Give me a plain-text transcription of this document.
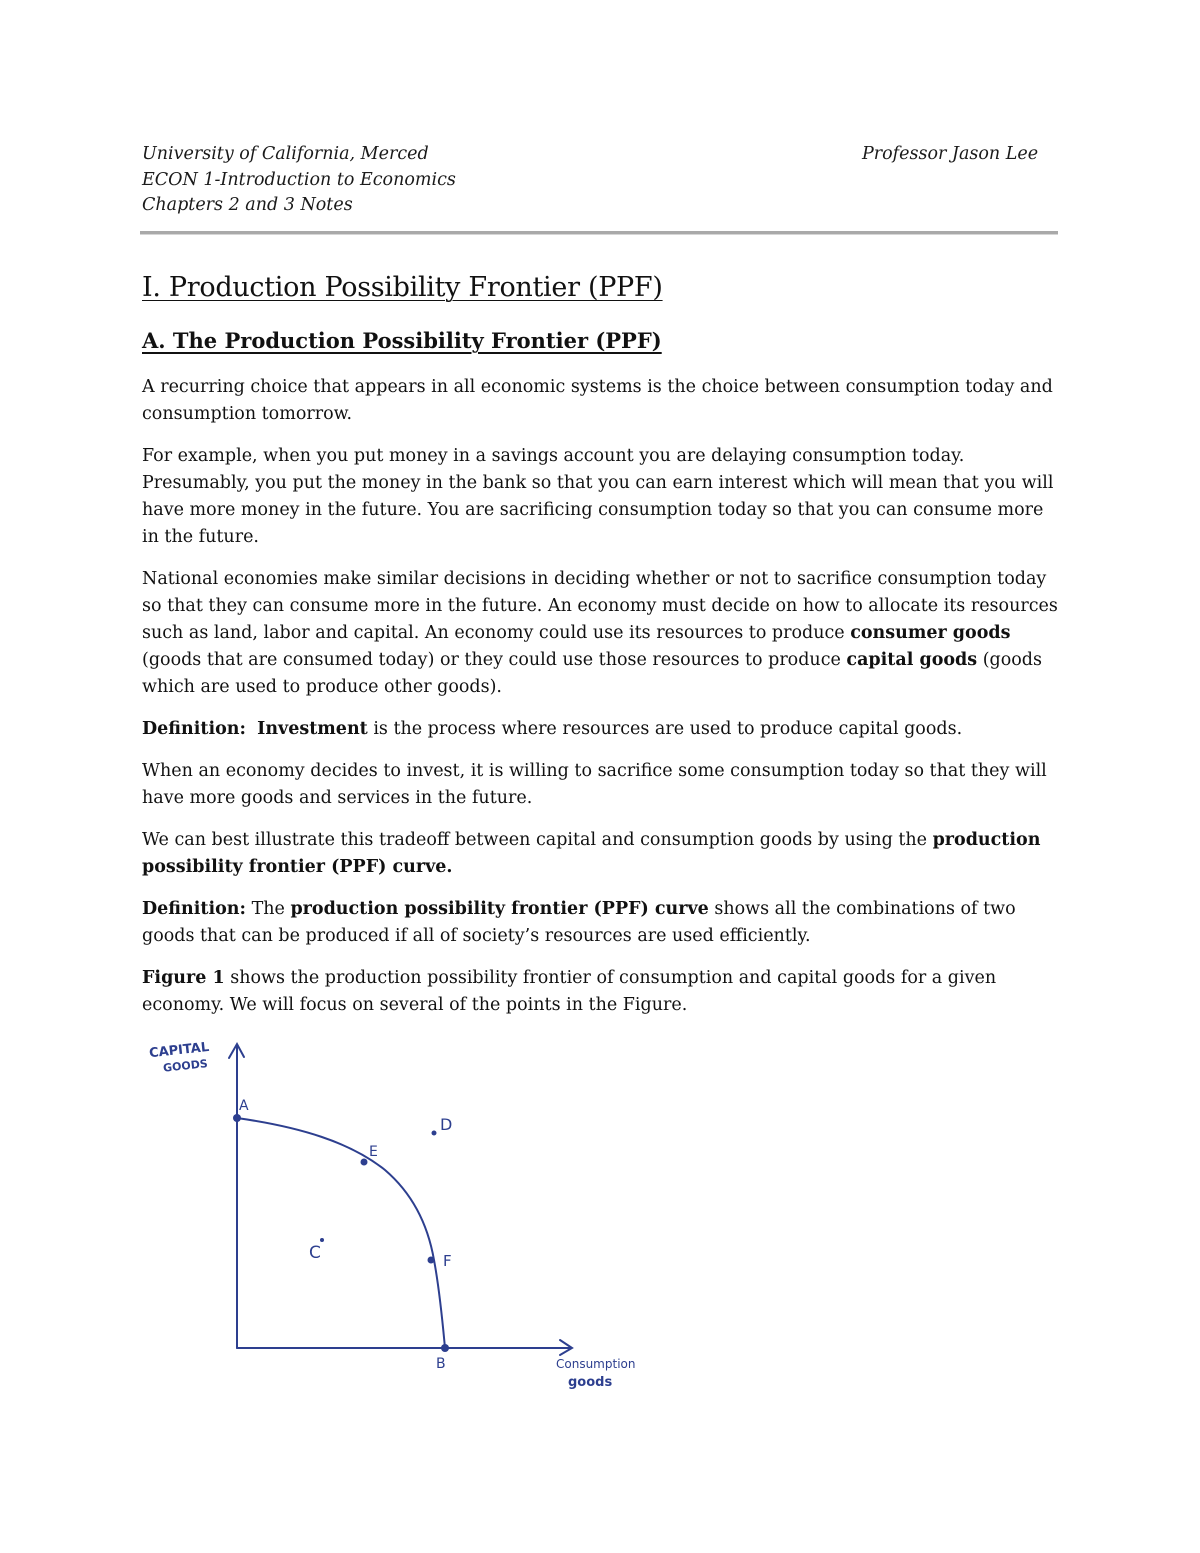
University of California, Merced
ECON 1-Introduction to Economics
Chapters 2 and 3 Notes
Professor Jason Lee
I. Production Possibility Frontier (PPF)
A. The Production Possibility Frontier (PPF)

A recurring choice that appears in all economic systems is the choice between consumption today and consumption tomorrow.

For example, when you put money in a savings account you are delaying consumption today. Presumably, you put the money in the bank so that you can earn interest which will mean that you will have more money in the future. You are sacrificing consumption today so that you can consume more in the future.

National economies make similar decisions in deciding whether or not to sacrifice consumption today so that they can consume more in the future. An economy must decide on how to allocate its resources such as land, labor and capital. An economy could use its resources to produce consumer goods (goods that are consumed today) or they could use those resources to produce capital goods (goods which are used to produce other goods).

Definition: Investment is the process where resources are used to produce capital goods.

When an economy decides to invest, it is willing to sacrifice some consumption today so that they will have more goods and services in the future.

We can best illustrate this tradeoff between capital and consumption goods by using the production possibility frontier (PPF) curve.

Definition: The production possibility frontier (PPF) curve shows all the combinations of two goods that can be produced if all of society’s resources are used efficiently.

Figure 1 shows the production possibility frontier of consumption and capital goods for a given economy. We will focus on several of the points in the Figure.

CAPITAL
GOODS
Consumption
goods
A
E
D
C	F
B
